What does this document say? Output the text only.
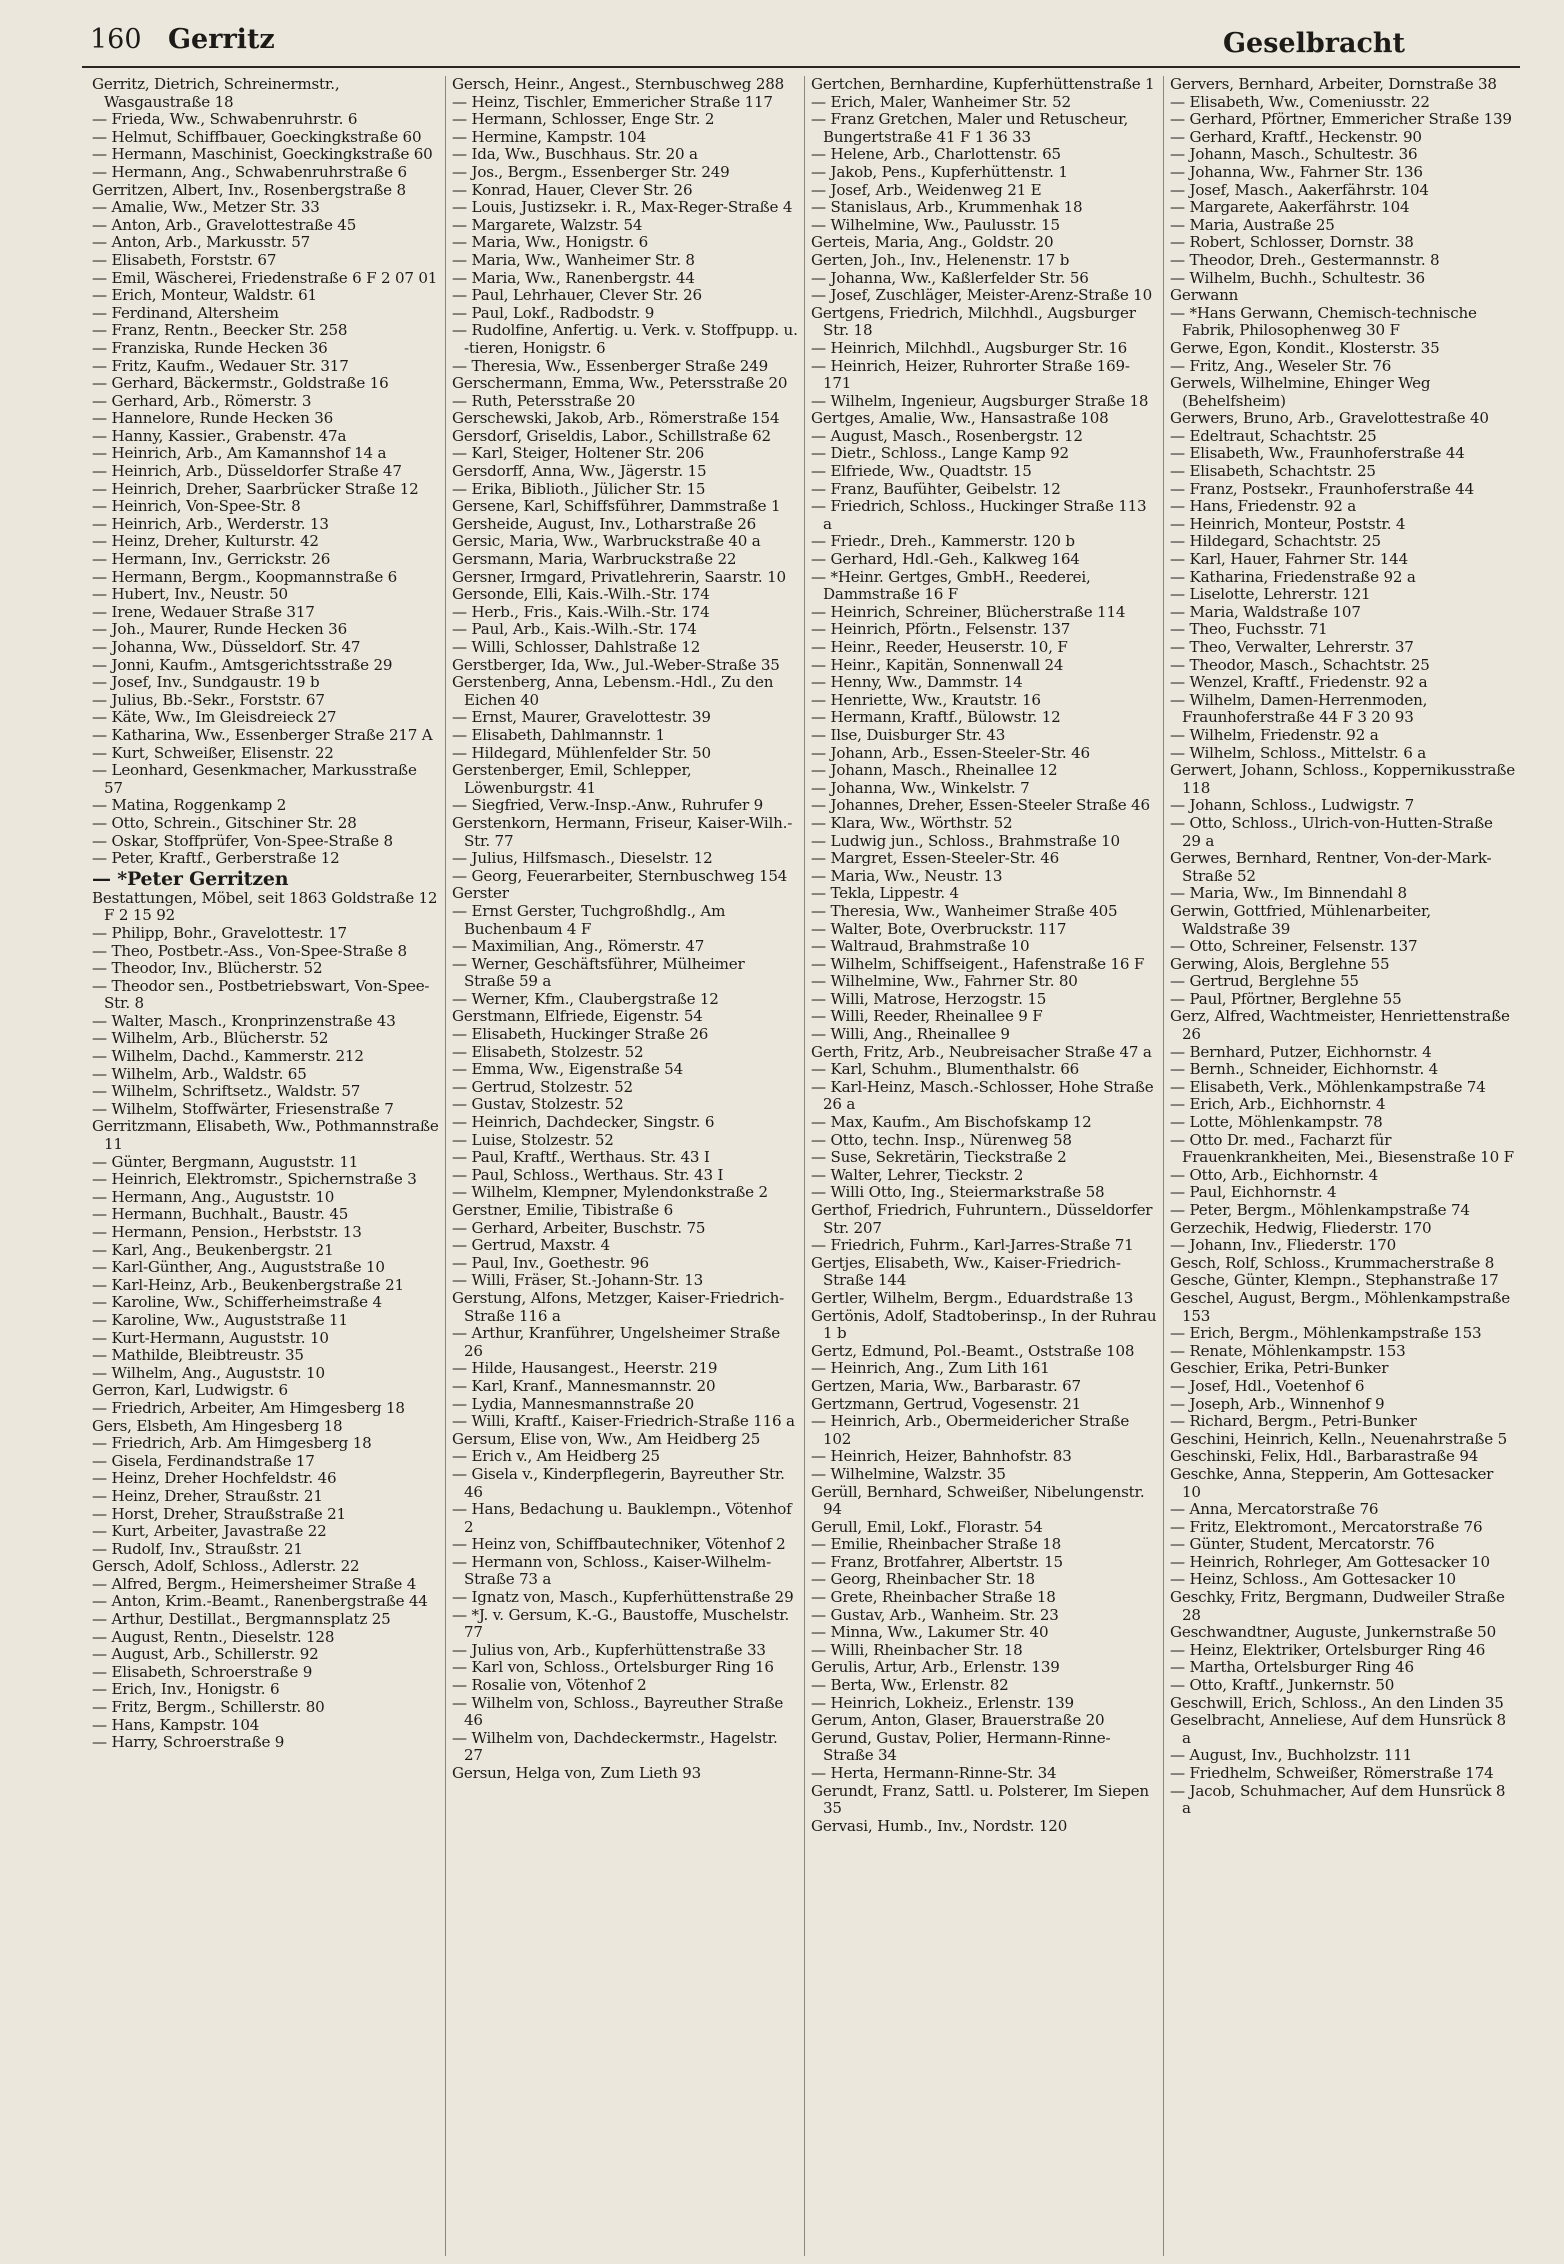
160 Gerritz	Geselbracht
Gerritz, Dietrich, Schreinermstr., Wasgaustraße 18
— Frieda, Ww., Schwabenruhrstr. 6
— Helmut, Schiffbauer, Goeckingkstraße 60
— Hermann, Maschinist, Goeckingkstraße 60
— Hermann, Ang., Schwabenruhrstraße 6
Gerritzen, Albert, Inv., Rosenbergstraße 8
— Amalie, Ww., Metzer Str. 33
— Anton, Arb., Gravelottestraße 45
— Anton, Arb., Markusstr. 57
— Elisabeth, Forststr. 67
— Emil, Wäscherei, Friedenstraße 6 F 2 07 01
— Erich, Monteur, Waldstr. 61
— Ferdinand, Altersheim
— Franz, Rentn., Beecker Str. 258
— Franziska, Runde Hecken 36
— Fritz, Kaufm., Wedauer Str. 317
— Gerhard, Bäckermstr., Goldstraße 16
— Gerhard, Arb., Römerstr. 3
— Hannelore, Runde Hecken 36
— Hanny, Kassier., Grabenstr. 47a
— Heinrich, Arb., Am Kamannshof 14 a
— Heinrich, Arb., Düsseldorfer Straße 47
— Heinrich, Dreher, Saarbrücker Straße 12
— Heinrich, Von-Spee-Str. 8
— Heinrich, Arb., Werderstr. 13
— Heinz, Dreher, Kulturstr. 42
— Hermann, Inv., Gerrickstr. 26
— Hermann, Bergm., Koopmannstraße 6
— Hubert, Inv., Neustr. 50
— Irene, Wedauer Straße 317
— Joh., Maurer, Runde Hecken 36
— Johanna, Ww., Düsseldorf. Str. 47
— Jonni, Kaufm., Amtsgerichtsstraße 29
— Josef, Inv., Sundgaustr. 19 b
— Julius, Bb.-Sekr., Forststr. 67
— Käte, Ww., Im Gleisdreieck 27
— Katharina, Ww., Essenberger Straße 217 A
— Kurt, Schweißer, Elisenstr. 22
— Leonhard, Gesenkmacher, Markusstraße 57
— Matina, Roggenkamp 2
— Otto, Schrein., Gitschiner Str. 28
— Oskar, Stoffprüfer, Von-Spee-Straße 8
— Peter, Kraftf., Gerberstraße 12
— *Peter Gerritzen
Bestattungen, Möbel, seit 1863 Goldstraße 12 F 2 15 92
— Philipp, Bohr., Gravelottestr. 17
— Theo, Postbetr.-Ass., Von-Spee-Straße 8
— Theodor, Inv., Blücherstr. 52
— Theodor sen., Postbetriebswart, Von-Spee-Str. 8
— Walter, Masch., Kronprinzenstraße 43
— Wilhelm, Arb., Blücherstr. 52
— Wilhelm, Dachd., Kammerstr. 212
— Wilhelm, Arb., Waldstr. 65
— Wilhelm, Schriftsetz., Waldstr. 57
— Wilhelm, Stoffwärter, Friesenstraße 7
Gerritzmann, Elisabeth, Ww., Pothmannstraße 11
— Günter, Bergmann, Auguststr. 11
— Heinrich, Elektromstr., Spichernstraße 3
— Hermann, Ang., Auguststr. 10
— Hermann, Buchhalt., Baustr. 45
— Hermann, Pension., Herbststr. 13
— Karl, Ang., Beukenbergstr. 21
— Karl-Günther, Ang., Auguststraße 10
— Karl-Heinz, Arb., Beukenbergstraße 21
— Karoline, Ww., Schifferheimstraße 4
— Karoline, Ww., Auguststraße 11
— Kurt-Hermann, Auguststr. 10
— Mathilde, Bleibtreustr. 35
— Wilhelm, Ang., Auguststr. 10
Gerron, Karl, Ludwigstr. 6
— Friedrich, Arbeiter, Am Himgesberg 18
Gers, Elsbeth, Am Hingesberg 18
— Friedrich, Arb. Am Himgesberg 18
— Gisela, Ferdinandstraße 17
— Heinz, Dreher Hochfeldstr. 46
— Heinz, Dreher, Straußstr. 21
— Horst, Dreher, Straußstraße 21
— Kurt, Arbeiter, Javastraße 22
— Rudolf, Inv., Straußstr. 21
Gersch, Adolf, Schloss., Adlerstr. 22
— Alfred, Bergm., Heimersheimer Straße 4
— Anton, Krim.-Beamt., Ranenbergstraße 44
— Arthur, Destillat., Bergmannsplatz 25
— August, Rentn., Dieselstr. 128
— August, Arb., Schillerstr. 92
— Elisabeth, Schroerstraße 9
— Erich, Inv., Honigstr. 6
— Fritz, Bergm., Schillerstr. 80
— Hans, Kampstr. 104
— Harry, Schroerstraße 9
Gersch, Heinr., Angest., Sternbuschweg 288
— Heinz, Tischler, Emmericher Straße 117
— Hermann, Schlosser, Enge Str. 2
— Hermine, Kampstr. 104
— Ida, Ww., Buschhaus. Str. 20 a
— Jos., Bergm., Essenberger Str. 249
— Konrad, Hauer, Clever Str. 26
— Louis, Justizsekr. i. R., Max-Reger-Straße 4
— Margarete, Walzstr. 54
— Maria, Ww., Honigstr. 6
— Maria, Ww., Wanheimer Str. 8
— Maria, Ww., Ranenbergstr. 44
— Paul, Lehrhauer, Clever Str. 26
— Paul, Lokf., Radbodstr. 9
— Rudolfine, Anfertig. u. Verk. v. Stoffpupp. u. -tieren, Honigstr. 6
— Theresia, Ww., Essenberger Straße 249
Gerschermann, Emma, Ww., Petersstraße 20
— Ruth, Petersstraße 20
Gerschewski, Jakob, Arb., Römerstraße 154
Gersdorf, Griseldis, Labor., Schillstraße 62
— Karl, Steiger, Holtener Str. 206
Gersdorff, Anna, Ww., Jägerstr. 15
— Erika, Biblioth., Jülicher Str. 15
Gersene, Karl, Schiffsführer, Dammstraße 1
Gersheide, August, Inv., Lotharstraße 26
Gersic, Maria, Ww., Warbruckstraße 40 a
Gersmann, Maria, Warbruckstraße 22
Gersner, Irmgard, Privatlehrerin, Saarstr. 10
Gersonde, Elli, Kais.-Wilh.-Str. 174
— Herb., Fris., Kais.-Wilh.-Str. 174
— Paul, Arb., Kais.-Wilh.-Str. 174
— Willi, Schlosser, Dahlstraße 12
Gerstberger, Ida, Ww., Jul.-Weber-Straße 35
Gerstenberg, Anna, Lebensm.-Hdl., Zu den Eichen 40
— Ernst, Maurer, Gravelottestr. 39
— Elisabeth, Dahlmannstr. 1
— Hildegard, Mühlenfelder Str. 50
Gerstenberger, Emil, Schlepper, Löwenburgstr. 41
— Siegfried, Verw.-Insp.-Anw., Ruhrufer 9
Gerstenkorn, Hermann, Friseur, Kaiser-Wilh.-Str. 77
— Julius, Hilfsmasch., Dieselstr. 12
— Georg, Feuerarbeiter, Sternbuschweg 154
Gerster
— Ernst Gerster, Tuchgroßhdlg., Am Buchenbaum 4 F
— Maximilian, Ang., Römerstr. 47
— Werner, Geschäftsführer, Mülheimer Straße 59 a
— Werner, Kfm., Claubergstraße 12
Gerstmann, Elfriede, Eigenstr. 54
— Elisabeth, Huckinger Straße 26
— Elisabeth, Stolzestr. 52
— Emma, Ww., Eigenstraße 54
— Gertrud, Stolzestr. 52
— Gustav, Stolzestr. 52
— Heinrich, Dachdecker, Singstr. 6
— Luise, Stolzestr. 52
— Paul, Kraftf., Werthaus. Str. 43 I
— Paul, Schloss., Werthaus. Str. 43 I
— Wilhelm, Klempner, Mylendonkstraße 2
Gerstner, Emilie, Tibistraße 6
— Gerhard, Arbeiter, Buschstr. 75
— Gertrud, Maxstr. 4
— Paul, Inv., Goethestr. 96
— Willi, Fräser, St.-Johann-Str. 13
Gerstung, Alfons, Metzger, Kaiser-Friedrich-Straße 116 a
— Arthur, Kranführer, Ungelsheimer Straße 26
— Hilde, Hausangest., Heerstr. 219
— Karl, Kranf., Mannesmannstr. 20
— Lydia, Mannesmannstraße 20
— Willi, Kraftf., Kaiser-Friedrich-Straße 116 a
Gersum, Elise von, Ww., Am Heidberg 25
— Erich v., Am Heidberg 25
— Gisela v., Kinderpflegerin, Bayreuther Str. 46
— Hans, Bedachung u. Bauklempn., Vötenhof 2
— Heinz von, Schiffbautechniker, Vötenhof 2
— Hermann von, Schloss., Kaiser-Wilhelm-Straße 73 a
— Ignatz von, Masch., Kupferhüttenstraße 29
— *J. v. Gersum, K.-G., Baustoffe, Muschelstr. 77
— Julius von, Arb., Kupferhüttenstraße 33
— Karl von, Schloss., Ortelsburger Ring 16
— Rosalie von, Vötenhof 2
— Wilhelm von, Schloss., Bayreuther Straße 46
— Wilhelm von, Dachdeckermstr., Hagelstr. 27
Gersun, Helga von, Zum Lieth 93
Gertchen, Bernhardine, Kupferhüttenstraße 1
— Erich, Maler, Wanheimer Str. 52
— Franz Gretchen, Maler und Retuscheur, Bungertstraße 41 F 1 36 33
— Helene, Arb., Charlottenstr. 65
— Jakob, Pens., Kupferhüttenstr. 1
— Josef, Arb., Weidenweg 21 E
— Stanislaus, Arb., Krummenhak 18
— Wilhelmine, Ww., Paulusstr. 15
Gerteis, Maria, Ang., Goldstr. 20
Gerten, Joh., Inv., Helenenstr. 17 b
— Johanna, Ww., Kaßlerfelder Str. 56
— Josef, Zuschläger, Meister-Arenz-Straße 10
Gertgens, Friedrich, Milchhdl., Augsburger Str. 18
— Heinrich, Milchhdl., Augsburger Str. 16
— Heinrich, Heizer, Ruhrorter Straße 169-171
— Wilhelm, Ingenieur, Augsburger Straße 18
Gertges, Amalie, Ww., Hansastraße 108
— August, Masch., Rosenbergstr. 12
— Dietr., Schloss., Lange Kamp 92
— Elfriede, Ww., Quadtstr. 15
— Franz, Baufühter, Geibelstr. 12
— Friedrich, Schloss., Huckinger Straße 113 a
— Friedr., Dreh., Kammerstr. 120 b
— Gerhard, Hdl.-Geh., Kalkweg 164
— *Heinr. Gertges, GmbH., Reederei, Dammstraße 16 F
— Heinrich, Schreiner, Blücherstraße 114
— Heinrich, Pförtn., Felsenstr. 137
— Heinr., Reeder, Heuserstr. 10, F
— Heinr., Kapitän, Sonnenwall 24
— Henny, Ww., Dammstr. 14
— Henriette, Ww., Krautstr. 16
— Hermann, Kraftf., Bülowstr. 12
— Ilse, Duisburger Str. 43
— Johann, Arb., Essen-Steeler-Str. 46
— Johann, Masch., Rheinallee 12
— Johanna, Ww., Winkelstr. 7
— Johannes, Dreher, Essen-Steeler Straße 46
— Klara, Ww., Wörthstr. 52
— Ludwig jun., Schloss., Brahmstraße 10
— Margret, Essen-Steeler-Str. 46
— Maria, Ww., Neustr. 13
— Tekla, Lippestr. 4
— Theresia, Ww., Wanheimer Straße 405
— Walter, Bote, Overbruckstr. 117
— Waltraud, Brahmstraße 10
— Wilhelm, Schiffseigent., Hafenstraße 16 F
— Wilhelmine, Ww., Fahrner Str. 80
— Willi, Matrose, Herzogstr. 15
— Willi, Reeder, Rheinallee 9 F
— Willi, Ang., Rheinallee 9
Gerth, Fritz, Arb., Neubreisacher Straße 47 a
— Karl, Schuhm., Blumenthalstr. 66
— Karl-Heinz, Masch.-Schlosser, Hohe Straße 26 a
— Max, Kaufm., Am Bischofskamp 12
— Otto, techn. Insp., Nürenweg 58
— Suse, Sekretärin, Tieckstraße 2
— Walter, Lehrer, Tieckstr. 2
— Willi Otto, Ing., Steiermarkstraße 58
Gerthof, Friedrich, Fuhruntern., Düsseldorfer Str. 207
— Friedrich, Fuhrm., Karl-Jarres-Straße 71
Gertjes, Elisabeth, Ww., Kaiser-Friedrich-Straße 144
Gertler, Wilhelm, Bergm., Eduardstraße 13
Gertönis, Adolf, Stadtoberinsp., In der Ruhrau 1 b
Gertz, Edmund, Pol.-Beamt., Oststraße 108
— Heinrich, Ang., Zum Lith 161
Gertzen, Maria, Ww., Barbarastr. 67
Gertzmann, Gertrud, Vogesenstr. 21
— Heinrich, Arb., Obermeidericher Straße 102
— Heinrich, Heizer, Bahnhofstr. 83
— Wilhelmine, Walzstr. 35
Gerüll, Bernhard, Schweißer, Nibelungenstr. 94
Gerull, Emil, Lokf., Florastr. 54
— Emilie, Rheinbacher Straße 18
— Franz, Brotfahrer, Albertstr. 15
— Georg, Rheinbacher Str. 18
— Grete, Rheinbacher Straße 18
— Gustav, Arb., Wanheim. Str. 23
— Minna, Ww., Lakumer Str. 40
— Willi, Rheinbacher Str. 18
Gerulis, Artur, Arb., Erlenstr. 139
— Berta, Ww., Erlenstr. 82
— Heinrich, Lokheiz., Erlenstr. 139
Gerum, Anton, Glaser, Brauerstraße 20
Gerund, Gustav, Polier, Hermann-Rinne-Straße 34
— Herta, Hermann-Rinne-Str. 34
Gerundt, Franz, Sattl. u. Polsterer, Im Siepen 35
Gervasi, Humb., Inv., Nordstr. 120
Gervers, Bernhard, Arbeiter, Dornstraße 38
— Elisabeth, Ww., Comeniusstr. 22
— Gerhard, Pförtner, Emmericher Straße 139
— Gerhard, Kraftf., Heckenstr. 90
— Johann, Masch., Schultestr. 36
— Johanna, Ww., Fahrner Str. 136
— Josef, Masch., Aakerfährstr. 104
— Margarete, Aakerfährstr. 104
— Maria, Austraße 25
— Robert, Schlosser, Dornstr. 38
— Theodor, Dreh., Gestermannstr. 8
— Wilhelm, Buchh., Schultestr. 36
Gerwann
— *Hans Gerwann, Chemisch-technische Fabrik, Philosophenweg 30 F
Gerwe, Egon, Kondit., Klosterstr. 35
— Fritz, Ang., Weseler Str. 76
Gerwels, Wilhelmine, Ehinger Weg (Behelfsheim)
Gerwers, Bruno, Arb., Gravelottestraße 40
— Edeltraut, Schachtstr. 25
— Elisabeth, Ww., Fraunhoferstraße 44
— Elisabeth, Schachtstr. 25
— Franz, Postsekr., Fraunhoferstraße 44
— Hans, Friedenstr. 92 a
— Heinrich, Monteur, Poststr. 4
— Hildegard, Schachtstr. 25
— Karl, Hauer, Fahrner Str. 144
— Katharina, Friedenstraße 92 a
— Liselotte, Lehrerstr. 121
— Maria, Waldstraße 107
— Theo, Fuchsstr. 71
— Theo, Verwalter, Lehrerstr. 37
— Theodor, Masch., Schachtstr. 25
— Wenzel, Kraftf., Friedenstr. 92 a
— Wilhelm, Damen-Herrenmoden, Fraunhoferstraße 44 F 3 20 93
— Wilhelm, Friedenstr. 92 a
— Wilhelm, Schloss., Mittelstr. 6 a
Gerwert, Johann, Schloss., Koppernikusstraße 118
— Johann, Schloss., Ludwigstr. 7
— Otto, Schloss., Ulrich-von-Hutten-Straße 29 a
Gerwes, Bernhard, Rentner, Von-der-Mark-Straße 52
— Maria, Ww., Im Binnendahl 8
Gerwin, Gottfried, Mühlenarbeiter, Waldstraße 39
— Otto, Schreiner, Felsenstr. 137
Gerwing, Alois, Berglehne 55
— Gertrud, Berglehne 55
— Paul, Pförtner, Berglehne 55
Gerz, Alfred, Wachtmeister, Henriettenstraße 26
— Bernhard, Putzer, Eichhornstr. 4
— Bernh., Schneider, Eichhornstr. 4
— Elisabeth, Verk., Möhlenkampstraße 74
— Erich, Arb., Eichhornstr. 4
— Lotte, Möhlenkampstr. 78
— Otto Dr. med., Facharzt für Frauenkrankheiten, Mei., Biesenstraße 10 F
— Otto, Arb., Eichhornstr. 4
— Paul, Eichhornstr. 4
— Peter, Bergm., Möhlenkampstraße 74
Gerzechik, Hedwig, Fliederstr. 170
— Johann, Inv., Fliederstr. 170
Gesch, Rolf, Schloss., Krummacherstraße 8
Gesche, Günter, Klempn., Stephanstraße 17
Geschel, August, Bergm., Möhlenkampstraße 153
— Erich, Bergm., Möhlenkampstraße 153
— Renate, Möhlenkampstr. 153
Geschier, Erika, Petri-Bunker
— Josef, Hdl., Voetenhof 6
— Joseph, Arb., Winnenhof 9
— Richard, Bergm., Petri-Bunker
Geschini, Heinrich, Kelln., Neuenahrstraße 5
Geschinski, Felix, Hdl., Barbarastraße 94
Geschke, Anna, Stepperin, Am Gottesacker 10
— Anna, Mercatorstraße 76
— Fritz, Elektromont., Mercatorstraße 76
— Günter, Student, Mercatorstr. 76
— Heinrich, Rohrleger, Am Gottesacker 10
— Heinz, Schloss., Am Gottesacker 10
Geschky, Fritz, Bergmann, Dudweiler Straße 28
Geschwandtner, Auguste, Junkernstraße 50
— Heinz, Elektriker, Ortelsburger Ring 46
— Martha, Ortelsburger Ring 46
— Otto, Kraftf., Junkernstr. 50
Geschwill, Erich, Schloss., An den Linden 35
Geselbracht, Anneliese, Auf dem Hunsrück 8 a
— August, Inv., Buchholzstr. 111
— Friedhelm, Schweißer, Römerstraße 174
— Jacob, Schuhmacher, Auf dem Hunsrück 8 a
